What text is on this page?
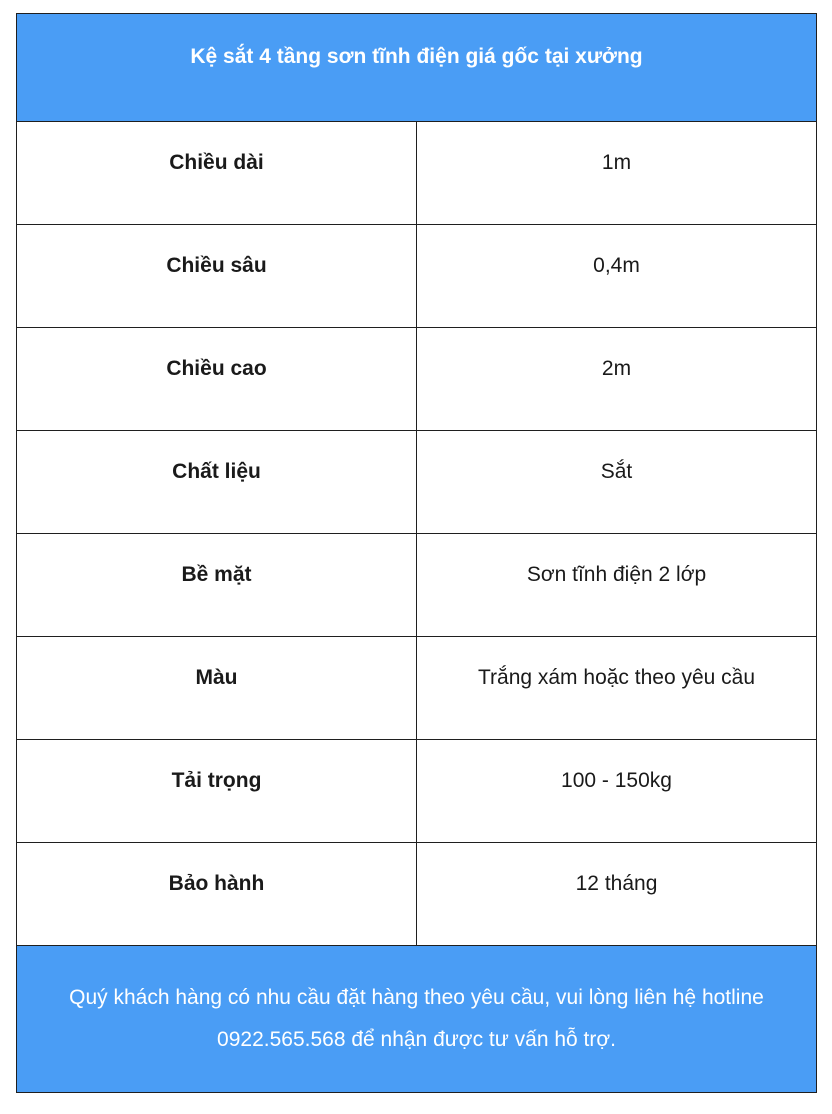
Kệ sắt 4 tầng sơn tĩnh điện giá gốc tại xưởng	
Chiều dài	1m
Chiều sâu	0,4m
Chiều cao	2m
Chất liệu	Sắt
Bề mặt	Sơn tĩnh điện 2 lớp
Màu	Trắng xám hoặc theo yêu cầu
Tải trọng	100 - 150kg
Bảo hành	12 tháng
Quý khách hàng có nhu cầu đặt hàng theo yêu cầu, vui lòng liên hệ hotline 0922.565.568 để nhận được tư vấn hỗ trợ.	
